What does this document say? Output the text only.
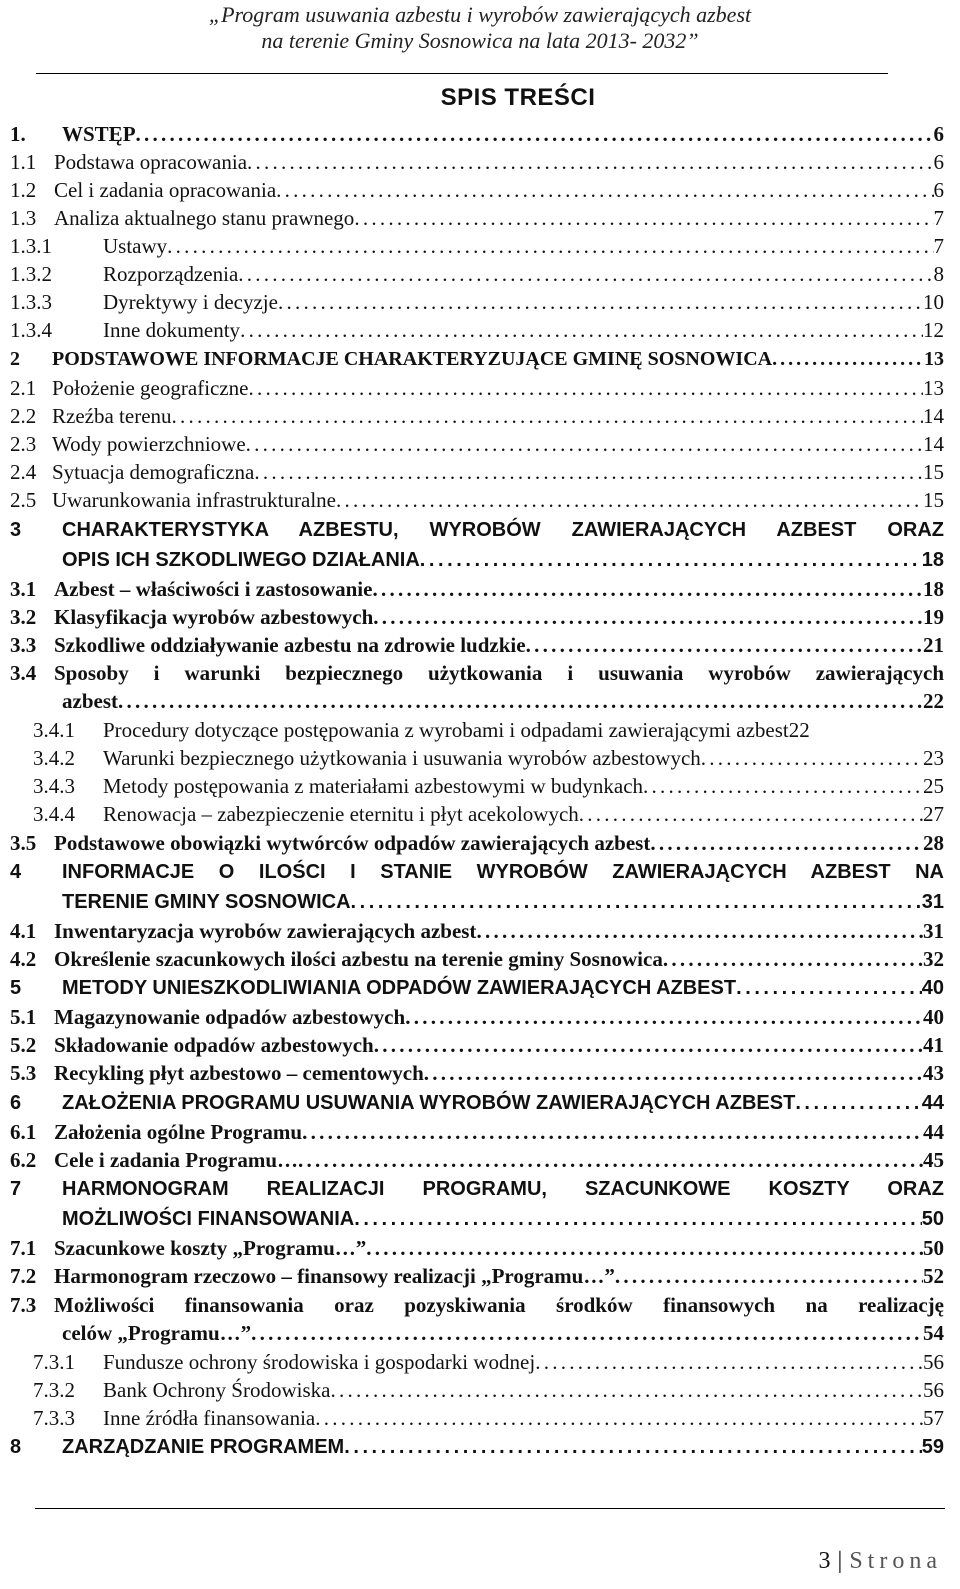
„Program usuwania azbestu i wyrobów zawierających azbest
na terenie Gminy Sosnowica na lata 2013- 2032”
SPIS TREŚCI
1.	WSTĘP . . .	6
1.1 Podstawa opracowania . . .	6
1.2 Cel i zadania opracowania . . .	6
1.3 Analiza aktualnego stanu prawnego . . .	7
1.3.1	Ustawy . . .	7
1.3.2	Rozporządzenia . . .	8
1.3.3	Dyrektywy i decyzje . . .	10
1.3.4	Inne dokumenty . . .	12
2	PODSTAWOWE INFORMACJE CHARAKTERYZUJĄCE GMINĘ SOSNOWICA . . .	13
2.1 Położenie geograficzne . . .	13
2.2 Rzeźba terenu . . .	14
2.3 Wody powierzchniowe . . .	14
2.4 Sytuacja demograficzna . . .	15
2.5 Uwarunkowania infrastrukturalne . . .	15
3	CHARAKTERYSTYKA AZBESTU, WYROBÓW ZAWIERAJĄCYCH AZBEST ORAZ
OPIS ICH SZKODLIWEGO DZIAŁANIA . . .	18
3.1 Azbest – właściwości i zastosowanie . . .	18
3.2 Klasyfikacja wyrobów azbestowych . . .	19
3.3 Szkodliwe oddziaływanie azbestu na zdrowie ludzkie . . .	21
3.4 Sposoby i warunki bezpiecznego użytkowania i usuwania wyrobów zawierających
azbest . . .	22
3.4.1	Procedury dotyczące postępowania z wyrobami i odpadami zawierającymi azbest 22
3.4.2	Warunki bezpiecznego użytkowania i usuwania wyrobów azbestowych . . .	23
3.4.3	Metody postępowania z materiałami azbestowymi w budynkach . . .	25
3.4.4	Renowacja – zabezpieczenie eternitu i płyt acekolowych . . .	27
3.5 Podstawowe obowiązki wytwórców odpadów zawierających azbest . . .	28
4	INFORMACJE O ILOŚCI I STANIE WYROBÓW ZAWIERAJĄCYCH AZBEST NA
TERENIE GMINY SOSNOWICA . . .	31
4.1 Inwentaryzacja wyrobów zawierających azbest . . .	31
4.2 Określenie szacunkowych ilości azbestu na terenie gminy Sosnowica . . .	32
5	METODY UNIESZKODLIWIANIA ODPADÓW ZAWIERAJĄCYCH AZBEST . . .	40
5.1 Magazynowanie odpadów azbestowych . . .	40
5.2 Składowanie odpadów azbestowych . . .	41
5.3 Recykling płyt azbestowo – cementowych . . .	43
6	ZAŁOŻENIA PROGRAMU USUWANIA WYROBÓW ZAWIERAJĄCYCH AZBEST . . .	44
6.1 Założenia ogólne Programu . . .	44
6.2 Cele i zadania Programu… . . .	45
7	HARMONOGRAM REALIZACJI PROGRAMU, SZACUNKOWE KOSZTY ORAZ
MOŻLIWOŚCI FINANSOWANIA . . .	50
7.1 Szacunkowe koszty „Programu…” . . .	50
7.2 Harmonogram rzeczowo – finansowy realizacji „Programu…” . . .	52
7.3 Możliwości finansowania oraz pozyskiwania środków finansowych na realizację
celów „Programu…” . . .	54
7.3.1	Fundusze ochrony środowiska i gospodarki wodnej . . .	56
7.3.2	Bank Ochrony Środowiska . . .	56
7.3.3	Inne źródła finansowania . . .	57
8	ZARZĄDZANIE PROGRAMEM . . .	59
3 | Strona
